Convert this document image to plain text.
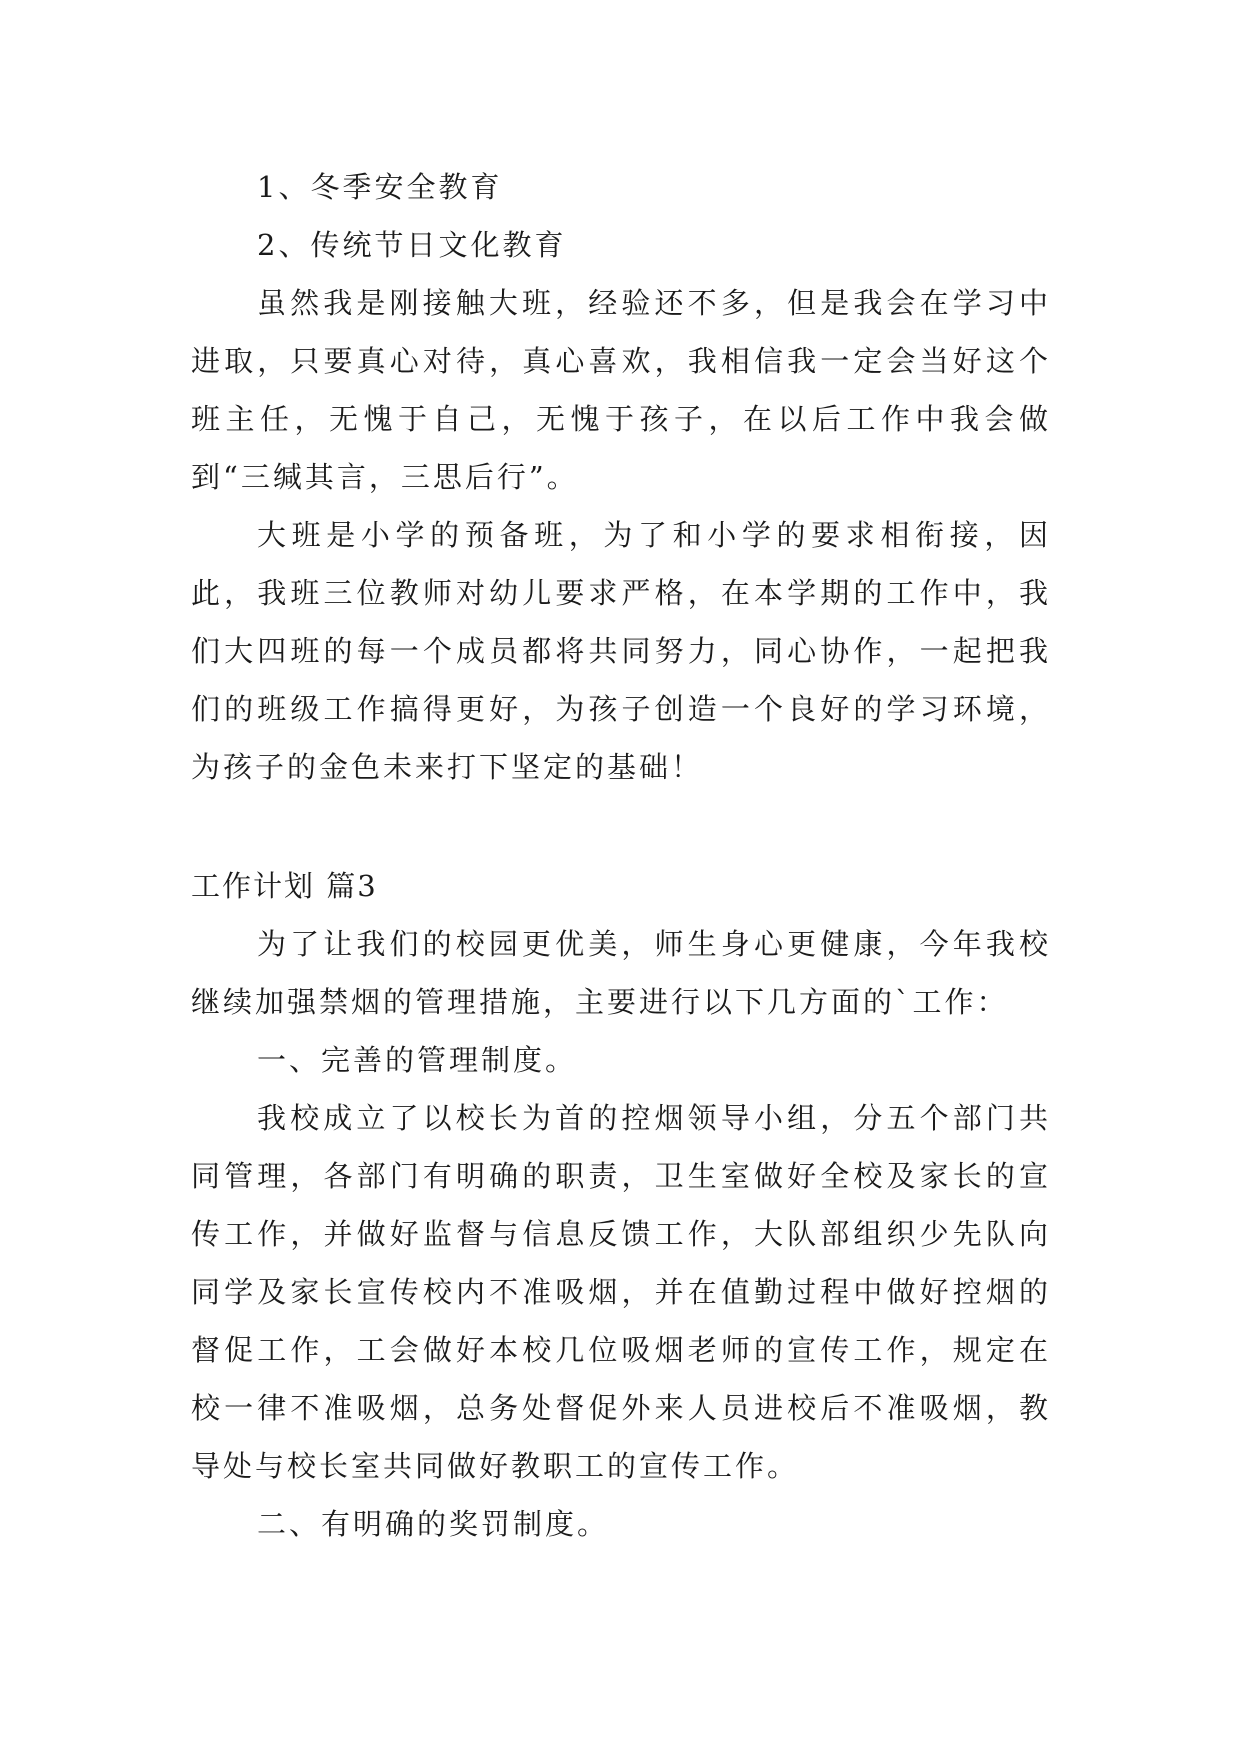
1、冬季安全教育

2、传统节日文化教育

虽然我是刚接触大班，经验还不多，但是我会在学习中进取，只要真心对待，真心喜欢，我相信我一定会当好这个班主任，无愧于自己，无愧于孩子，在以后工作中我会做到“三缄其言，三思后行”。

大班是小学的预备班，为了和小学的要求相衔接，因此，我班三位教师对幼儿要求严格，在本学期的工作中，我们大四班的每一个成员都将共同努力，同心协作，一起把我们的班级工作搞得更好，为孩子创造一个良好的学习环境，为孩子的金色未来打下坚定的基础！

工作计划 篇3

为了让我们的校园更优美，师生身心更健康，今年我校继续加强禁烟的管理措施，主要进行以下几方面的`工作：

一、完善的管理制度。

我校成立了以校长为首的控烟领导小组，分五个部门共同管理，各部门有明确的职责，卫生室做好全校及家长的宣传工作，并做好监督与信息反馈工作，大队部组织少先队向同学及家长宣传校内不准吸烟，并在值勤过程中做好控烟的督促工作，工会做好本校几位吸烟老师的宣传工作，规定在校一律不准吸烟，总务处督促外来人员进校后不准吸烟，教导处与校长室共同做好教职工的宣传工作。

二、有明确的奖罚制度。
